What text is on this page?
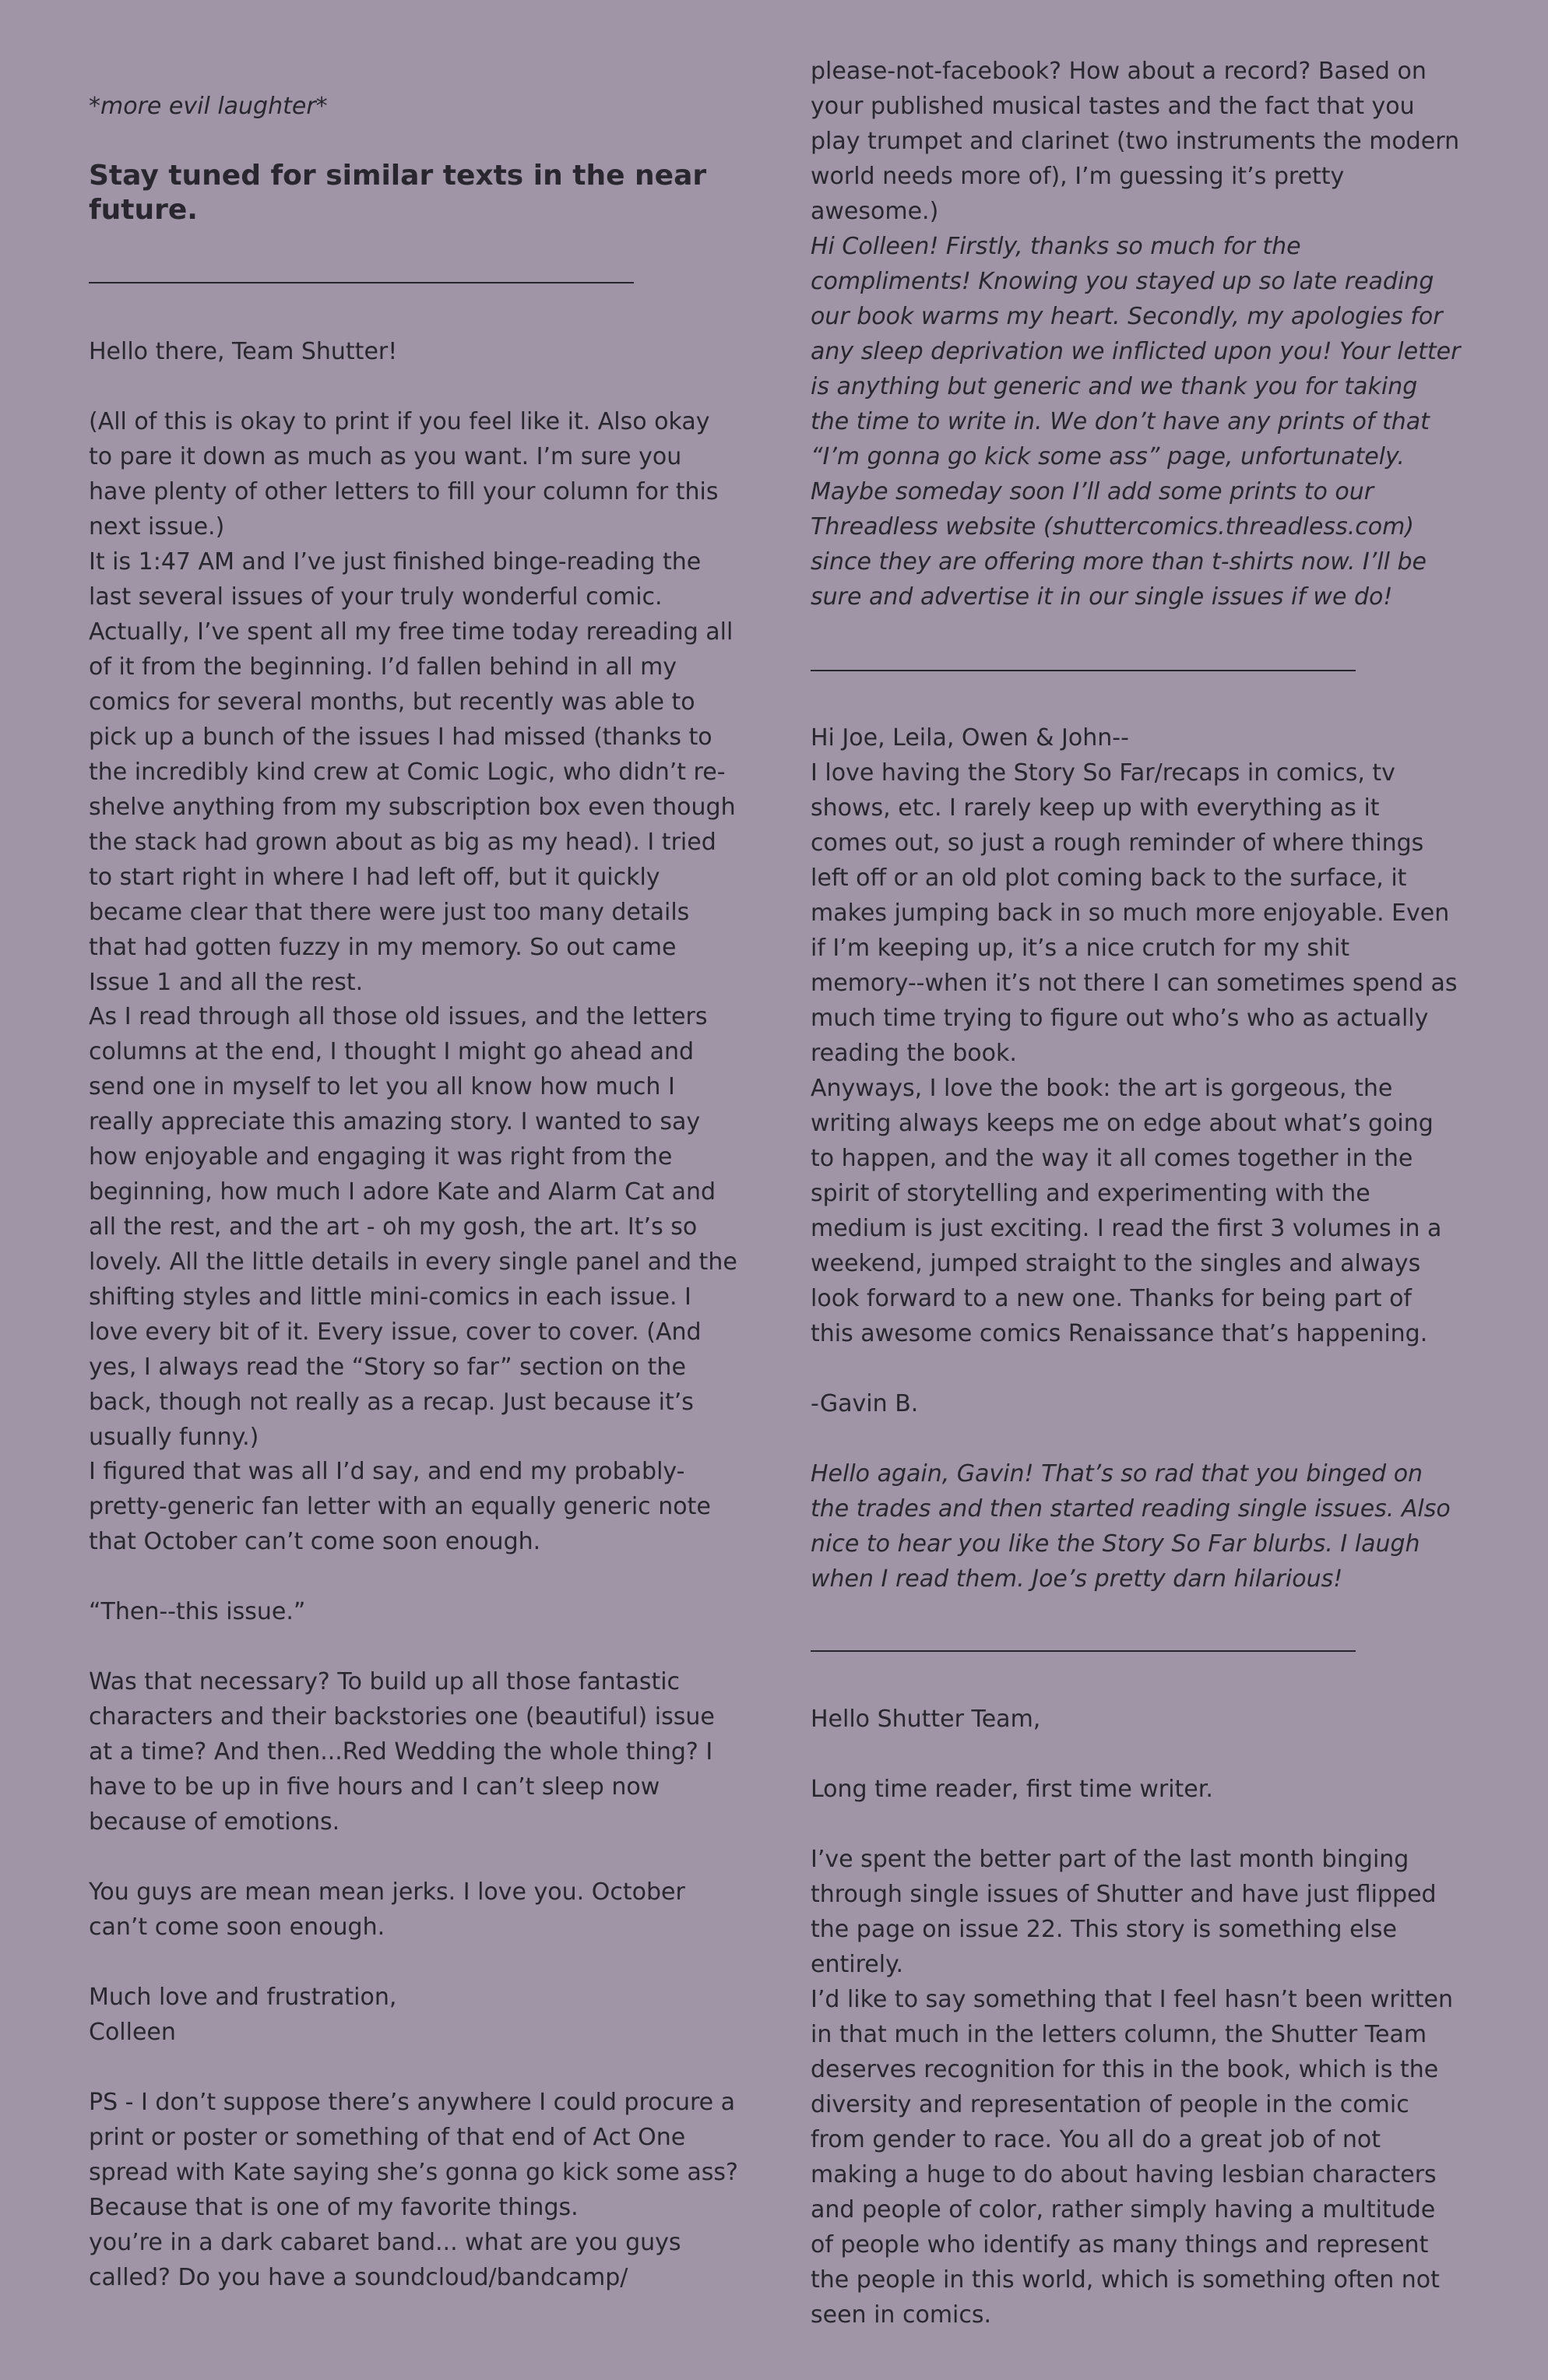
*more evil laughter*

Stay tuned for similar texts in the near future.

Hello there, Team Shutter!

(All of this is okay to print if you feel like it. Also okay to pare it down as much as you want. I’m sure you have plenty of other letters to fill your column for this next issue.)

It is 1:47 AM and I’ve just finished binge-reading the last several issues of your truly wonderful comic. Actually, I’ve spent all my free time today rereading all of it from the beginning. I’d fallen behind in all my comics for several months, but recently was able to pick up a bunch of the issues I had missed (thanks to the incredibly kind crew at Comic Logic, who didn’t re-shelve anything from my subscription box even though the stack had grown about as big as my head). I tried to start right in where I had left off, but it quickly became clear that there were just too many details that had gotten fuzzy in my memory. So out came Issue 1 and all the rest.

As I read through all those old issues, and the letters columns at the end, I thought I might go ahead and send one in myself to let you all know how much I really appreciate this amazing story. I wanted to say how enjoyable and engaging it was right from the beginning, how much I adore Kate and Alarm Cat and all the rest, and the art - oh my gosh, the art. It’s so lovely. All the little details in every single panel and the shifting styles and little mini-comics in each issue. I love every bit of it. Every issue, cover to cover. (And yes, I always read the “Story so far” section on the back, though not really as a recap. Just because it’s usually funny.)

I figured that was all I’d say, and end my probably-pretty-generic fan letter with an equally generic note that October can’t come soon enough.

“Then--this issue.”

Was that necessary? To build up all those fantastic characters and their backstories one (beautiful) issue at a time? And then...Red Wedding the whole thing? I have to be up in five hours and I can’t sleep now because of emotions.

You guys are mean mean jerks. I love you. October can’t come soon enough.

Much love and frustration,

Colleen

PS - I don’t suppose there’s anywhere I could procure a print or poster or something of that end of Act One spread with Kate saying she’s gonna go kick some ass? Because that is one of my favorite things.

you’re in a dark cabaret band... what are you guys called? Do you have a soundcloud/bandcamp/

please-not-facebook? How about a record? Based on your published musical tastes and the fact that you play trumpet and clarinet (two instruments the modern world needs more of), I’m guessing it’s pretty awesome.)

Hi Colleen! Firstly, thanks so much for the compliments! Knowing you stayed up so late reading our book warms my heart. Secondly, my apologies for any sleep deprivation we inflicted upon you! Your letter is anything but generic and we thank you for taking the time to write in. We don’t have any prints of that “I’m gonna go kick some ass” page, unfortunately. Maybe someday soon I’ll add some prints to our Threadless website (shuttercomics.threadless.com) since they are offering more than t-shirts now. I’ll be sure and advertise it in our single issues if we do!

Hi Joe, Leila, Owen & John--

I love having the Story So Far/recaps in comics, tv shows, etc. I rarely keep up with everything as it comes out, so just a rough reminder of where things left off or an old plot coming back to the surface, it makes jumping back in so much more enjoyable. Even if I’m keeping up, it’s a nice crutch for my shit memory--when it’s not there I can sometimes spend as much time trying to figure out who’s who as actually reading the book.

Anyways, I love the book: the art is gorgeous, the writing always keeps me on edge about what’s going to happen, and the way it all comes together in the spirit of storytelling and experimenting with the medium is just exciting. I read the first 3 volumes in a weekend, jumped straight to the singles and always look forward to a new one. Thanks for being part of this awesome comics Renaissance that’s happening.

-Gavin B.

Hello again, Gavin! That’s so rad that you binged on the trades and then started reading single issues. Also nice to hear you like the Story So Far blurbs. I laugh when I read them. Joe’s pretty darn hilarious!

Hello Shutter Team,

Long time reader, first time writer.

I’ve spent the better part of the last month binging through single issues of Shutter and have just flipped the page on issue 22. This story is something else entirely.

I’d like to say something that I feel hasn’t been written in that much in the letters column, the Shutter Team deserves recognition for this in the book, which is the diversity and representation of people in the comic from gender to race. You all do a great job of not making a huge to do about having lesbian characters and people of color, rather simply having a multitude of people who identify as many things and represent the people in this world, which is something often not seen in comics.
